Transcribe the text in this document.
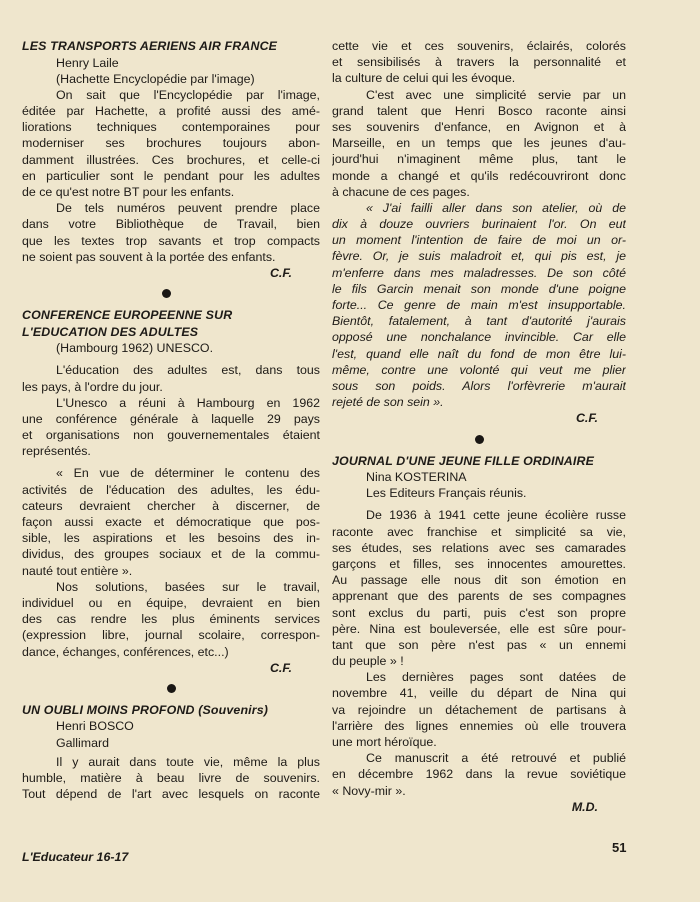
LES TRANSPORTS AERIENS AIR FRANCE
Henry Laile
(Hachette Encyclopédie par l'image)
On sait que l'Encyclopédie par l'image,
éditée par Hachette, a profité aussi des amé-
liorations techniques contemporaines pour
moderniser ses brochures toujours abon-
damment illustrées. Ces brochures, et celle-ci
en particulier sont le pendant pour les adultes
de ce qu'est notre BT pour les enfants.
De tels numéros peuvent prendre place
dans votre Bibliothèque de Travail, bien
que les textes trop savants et trop compacts
ne soient pas souvent à la portée des enfants.
C.F.
CONFERENCE EUROPEENNE SUR
L'EDUCATION DES ADULTES
(Hambourg 1962) UNESCO.
L'éducation des adultes est, dans tous
les pays, à l'ordre du jour.
L'Unesco a réuni à Hambourg en 1962
une conférence générale à laquelle 29 pays
et organisations non gouvernementales étaient
représentés.
« En vue de déterminer le contenu des
activités de l'éducation des adultes, les édu-
cateurs devraient chercher à discerner, de
façon aussi exacte et démocratique que pos-
sible, les aspirations et les besoins des in-
dividus, des groupes sociaux et de la commu-
nauté tout entière ».
Nos solutions, basées sur le travail,
individuel ou en équipe, devraient en bien
des cas rendre les plus éminents services
(expression libre, journal scolaire, correspon-
dance, échanges, conférences, etc...)
C.F.
UN OUBLI MOINS PROFOND (Souvenirs)
Henri BOSCO
Gallimard
Il y aurait dans toute vie, même la plus
humble, matière à beau livre de souvenirs.
Tout dépend de l'art avec lesquels on raconte
cette vie et ces souvenirs, éclairés, colorés
et sensibilisés à travers la personnalité et
la culture de celui qui les évoque.
C'est avec une simplicité servie par un
grand talent que Henri Bosco raconte ainsi
ses souvenirs d'enfance, en Avignon et à
Marseille, en un temps que les jeunes d'au-
jourd'hui n'imaginent même plus, tant le
monde a changé et qu'ils redécouvriront donc
à chacune de ces pages.
« J'ai failli aller dans son atelier, où de
dix à douze ouvriers burinaient l'or. On eut
un moment l'intention de faire de moi un or-
fèvre. Or, je suis maladroit et, qui pis est, je
m'enferre dans mes maladresses. De son côté
le fils Garcin menait son monde d'une poigne
forte... Ce genre de main m'est insupportable.
Bientôt, fatalement, à tant d'autorité j'aurais
opposé une nonchalance invincible. Car elle
l'est, quand elle naît du fond de mon être lui-
même, contre une volonté qui veut me plier
sous son poids. Alors l'orfèvrerie m'aurait
rejeté de son sein ».
C.F.
JOURNAL D'UNE JEUNE FILLE ORDINAIRE
Nina KOSTERINA
Les Editeurs Français réunis.
De 1936 à 1941 cette jeune écolière russe
raconte avec franchise et simplicité sa vie,
ses études, ses relations avec ses camarades
garçons et filles, ses innocentes amourettes.
Au passage elle nous dit son émotion en
apprenant que des parents de ses compagnes
sont exclus du parti, puis c'est son propre
père. Nina est bouleversée, elle est sûre pour-
tant que son père n'est pas « un ennemi
du peuple » !
Les dernières pages sont datées de
novembre 41, veille du départ de Nina qui
va rejoindre un détachement de partisans à
l'arrière des lignes ennemies où elle trouvera
une mort héroïque.
Ce manuscrit a été retrouvé et publié
en décembre 1962 dans la revue soviétique
« Novy-mir ».
M.D.
L'Educateur 16-17
51
